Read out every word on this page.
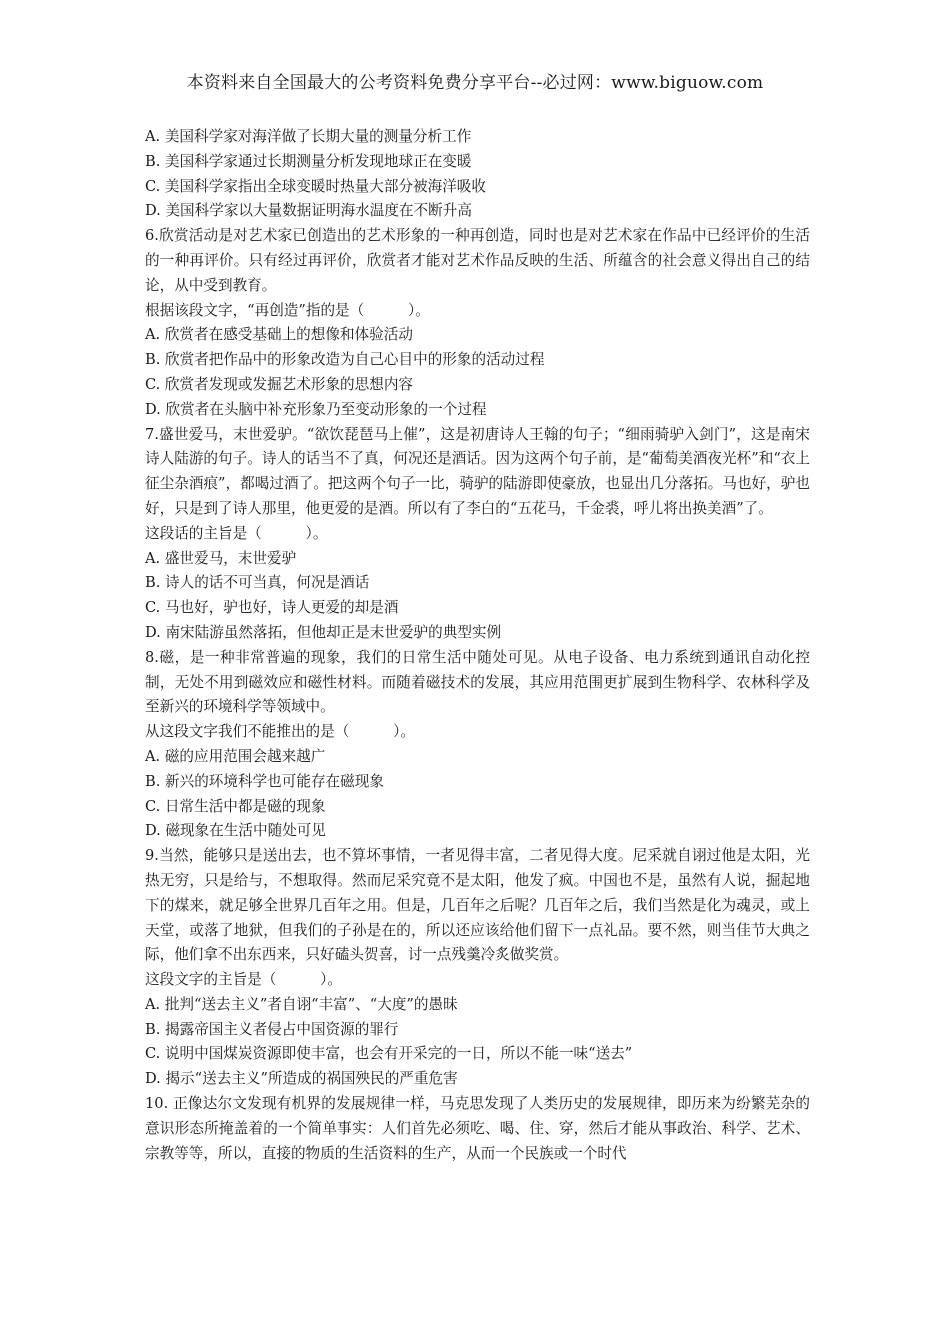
本资料来自全国最大的公考资料免费分享平台--必过网：www.biguow.com
A. 美国科学家对海洋做了长期大量的测量分析工作
B. 美国科学家通过长期测量分析发现地球正在变暖
C. 美国科学家指出全球变暖时热量大部分被海洋吸收
D. 美国科学家以大量数据证明海水温度在不断升高
6.欣赏活动是对艺术家已创造出的艺术形象的一种再创造，同时也是对艺术家在作品中已经评价的生活的一种再评价。只有经过再评价，欣赏者才能对艺术作品反映的生活、所蕴含的社会意义得出自己的结论，从中受到教育。
根据该段文字，“再创造”指的是（　　　）。
A. 欣赏者在感受基础上的想像和体验活动
B. 欣赏者把作品中的形象改造为自己心目中的形象的活动过程
C. 欣赏者发现或发掘艺术形象的思想内容
D. 欣赏者在头脑中补充形象乃至变动形象的一个过程
7.盛世爱马，末世爱驴。“欲饮琵琶马上催”，这是初唐诗人王翰的句子；“细雨骑驴入剑门”，这是南宋诗人陆游的句子。诗人的话当不了真，何况还是酒话。因为这两个句子前，是“葡萄美酒夜光杯”和“衣上征尘杂酒痕”，都喝过酒了。把这两个句子一比，骑驴的陆游即使豪放，也显出几分落拓。马也好，驴也好，只是到了诗人那里，他更爱的是酒。所以有了李白的“五花马，千金裘，呼儿将出换美酒”了。
这段话的主旨是（　　　）。
A. 盛世爱马，末世爱驴
B. 诗人的话不可当真，何况是酒话
C. 马也好，驴也好，诗人更爱的却是酒
D. 南宋陆游虽然落拓，但他却正是末世爱驴的典型实例
8.磁，是一种非常普遍的现象，我们的日常生活中随处可见。从电子设备、电力系统到通讯自动化控制，无处不用到磁效应和磁性材料。而随着磁技术的发展，其应用范围更扩展到生物科学、农林科学及至新兴的环境科学等领域中。
从这段文字我们不能推出的是（　　　）。
A. 磁的应用范围会越来越广
B. 新兴的环境科学也可能存在磁现象
C. 日常生活中都是磁的现象
D. 磁现象在生活中随处可见
9.当然，能够只是送出去，也不算坏事情，一者见得丰富，二者见得大度。尼采就自诩过他是太阳，光热无穷，只是给与，不想取得。然而尼采究竟不是太阳，他发了疯。中国也不是，虽然有人说，掘起地下的煤来，就足够全世界几百年之用。但是，几百年之后呢？几百年之后，我们当然是化为魂灵，或上天堂，或落了地狱，但我们的子孙是在的，所以还应该给他们留下一点礼品。要不然，则当佳节大典之际，他们拿不出东西来，只好磕头贺喜，讨一点残羹冷炙做奖赏。
这段文字的主旨是（　　　）。
A. 批判“送去主义”者自诩“丰富”、“大度”的愚昧
B. 揭露帝国主义者侵占中国资源的罪行
C. 说明中国煤炭资源即使丰富，也会有开采完的一日，所以不能一味“送去”
D. 揭示“送去主义”所造成的祸国殃民的严重危害
10. 正像达尔文发现有机界的发展规律一样，马克思发现了人类历史的发展规律，即历来为纷繁芜杂的意识形态所掩盖着的一个简单事实：人们首先必须吃、喝、住、穿，然后才能从事政治、科学、艺术、宗教等等，所以，直接的物质的生活资料的生产，从而一个民族或一个时代
